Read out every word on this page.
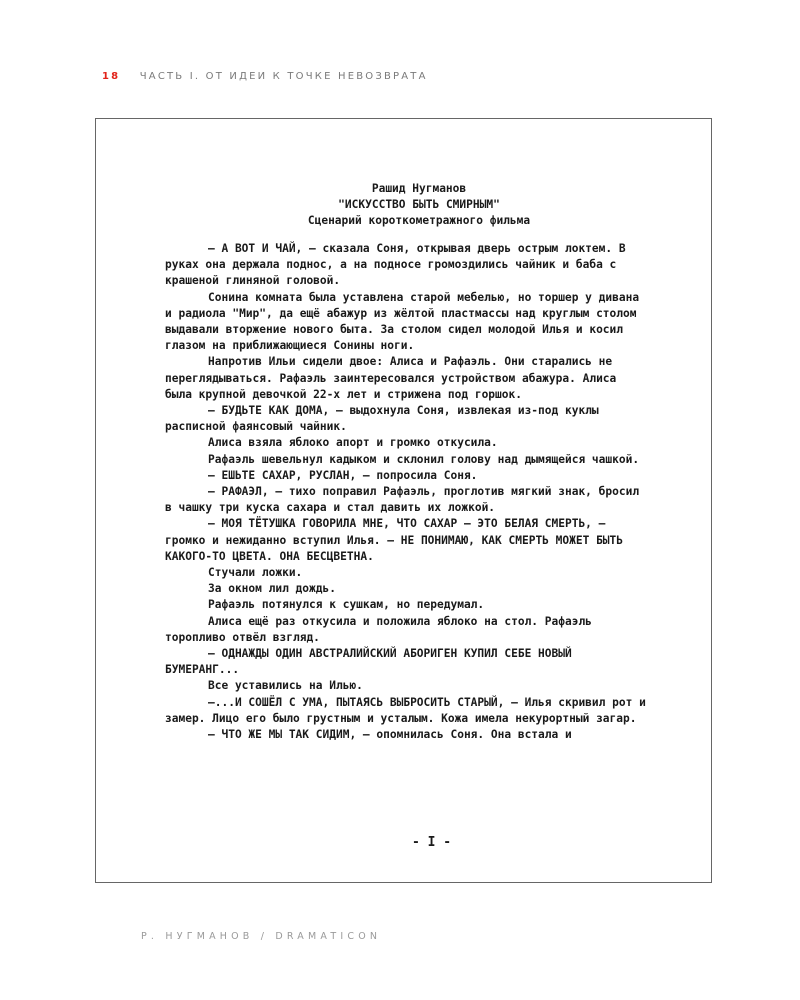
18 ЧАСТЬ I. ОТ ИДЕИ К ТОЧКЕ НЕВОЗВРАТА
Рашид Нугманов
"ИСКУССТВО БЫТЬ СМИРНЫМ"
Сценарий короткометражного фильма

— А ВОТ И ЧАЙ, — сказала Соня, открывая дверь острым локтем. В руках она держала поднос, а на подносе громоздились чайник и баба с крашеной глиняной головой.

Сонина комната была уставлена старой мебелью, но торшер у дивана и радиола "Мир", да ещё абажур из жёлтой пластмассы над круглым столом выдавали вторжение нового быта. За столом сидел молодой Илья и косил глазом на приближающиеся Сонины ноги.

Напротив Ильи сидели двое: Алиса и Рафаэль. Они старались не переглядываться. Рафаэль заинтересовался устройством абажура. Алиса была крупной девочкой 22-х лет и стрижена под горшок.

— БУДЬТЕ КАК ДОМА, — выдохнула Соня, извлекая из-под куклы расписной фаянсовый чайник.

Алиса взяла яблоко апорт и громко откусила.

Рафаэль шевельнул кадыком и склонил голову над дымящейся чашкой.

— ЕШЬТЕ САХАР, РУСЛАН, — попросила Соня.

— РАФАЭЛ, — тихо поправил Рафаэль, проглотив мягкий знак, бросил в чашку три куска сахара и стал давить их ложкой.

— МОЯ ТЁТУШКА ГОВОРИЛА МНЕ, ЧТО САХАР — ЭТО БЕЛАЯ СМЕРТЬ, — громко и нежиданно вступил Илья. — НЕ ПОНИМАЮ, КАК СМЕРТЬ МОЖЕТ БЫТЬ КАКОГО-ТО ЦВЕТА. ОНА БЕСЦВЕТНА.

Стучали ложки.

За окном лил дождь.

Рафаэль потянулся к сушкам, но передумал.

Алиса ещё раз откусила и положила яблоко на стол. Рафаэль торопливо отвёл взгляд.

— ОДНАЖДЫ ОДИН АВСТРАЛИЙСКИЙ АБОРИГЕН КУПИЛ СЕБЕ НОВЫЙ БУМЕРАНГ...

Все уставились на Илью.

—...И СОШЁЛ С УМА, ПЫТАЯСЬ ВЫБРОСИТЬ СТАРЫЙ, — Илья скривил рот и замер. Лицо его было грустным и усталым. Кожа имела некурортный загар.

— ЧТО ЖЕ МЫ ТАК СИДИМ, — опомнилась Соня. Она встала и

- I -
Р. НУГМАНОВ / DRAMATICON
